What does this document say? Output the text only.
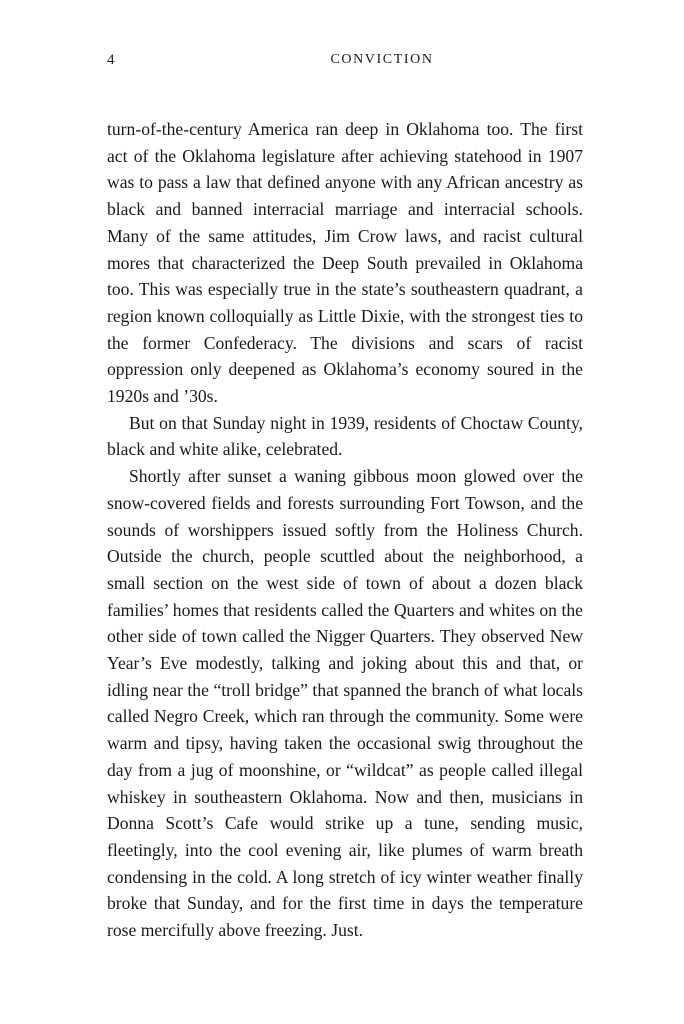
4	CONVICTION

turn-of-the-century America ran deep in Oklahoma too. The first act of the Oklahoma legislature after achieving statehood in 1907 was to pass a law that defined anyone with any African ancestry as black and banned interracial marriage and interracial schools. Many of the same attitudes, Jim Crow laws, and racist cultural mores that characterized the Deep South prevailed in Oklahoma too. This was especially true in the state’s southeastern quadrant, a region known colloquially as Little Dixie, with the strongest ties to the former Confederacy. The divisions and scars of racist oppression only deepened as Oklahoma’s economy soured in the 1920s and ’30s.

But on that Sunday night in 1939, residents of Choctaw County, black and white alike, celebrated.

Shortly after sunset a waning gibbous moon glowed over the snow-covered fields and forests surrounding Fort Towson, and the sounds of worshippers issued softly from the Holiness Church. Outside the church, people scuttled about the neighborhood, a small section on the west side of town of about a dozen black families’ homes that residents called the Quarters and whites on the other side of town called the Nigger Quarters. They observed New Year’s Eve modestly, talking and joking about this and that, or idling near the “troll bridge” that spanned the branch of what locals called Negro Creek, which ran through the community. Some were warm and tipsy, having taken the occasional swig throughout the day from a jug of moonshine, or “wildcat” as people called illegal whiskey in southeastern Oklahoma. Now and then, musicians in Donna Scott’s Cafe would strike up a tune, sending music, fleetingly, into the cool evening air, like plumes of warm breath condensing in the cold. A long stretch of icy winter weather finally broke that Sunday, and for the first time in days the temperature rose mercifully above freezing. Just.
